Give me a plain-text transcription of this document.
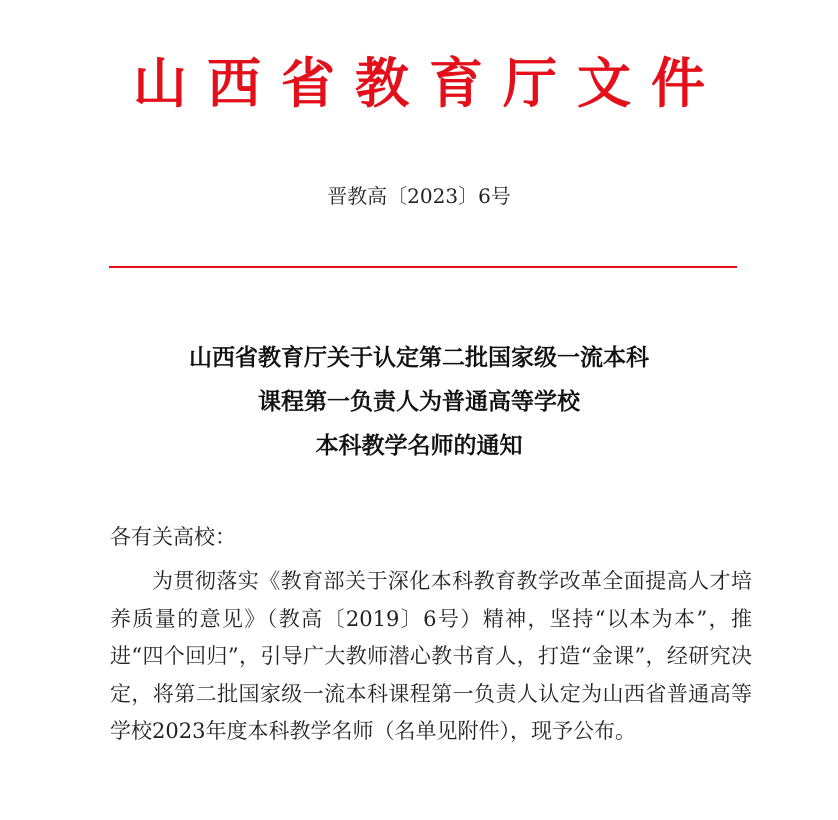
山西省教育厅文件
晋教高〔2023〕6号
山西省教育厅关于认定第二批国家级一流本科
课程第一负责人为普通高等学校
本科教学名师的通知
各有关高校：

为贯彻落实《教育部关于深化本科教育教学改革全面提高人才培养质量的意见》（教高〔2019〕6号）精神，坚持“以本为本”，推进“四个回归”，引导广大教师潜心教书育人，打造“金课”，经研究决定，将第二批国家级一流本科课程第一负责人认定为山西省普通高等学校2023年度本科教学名师（名单见附件），现予公布。
